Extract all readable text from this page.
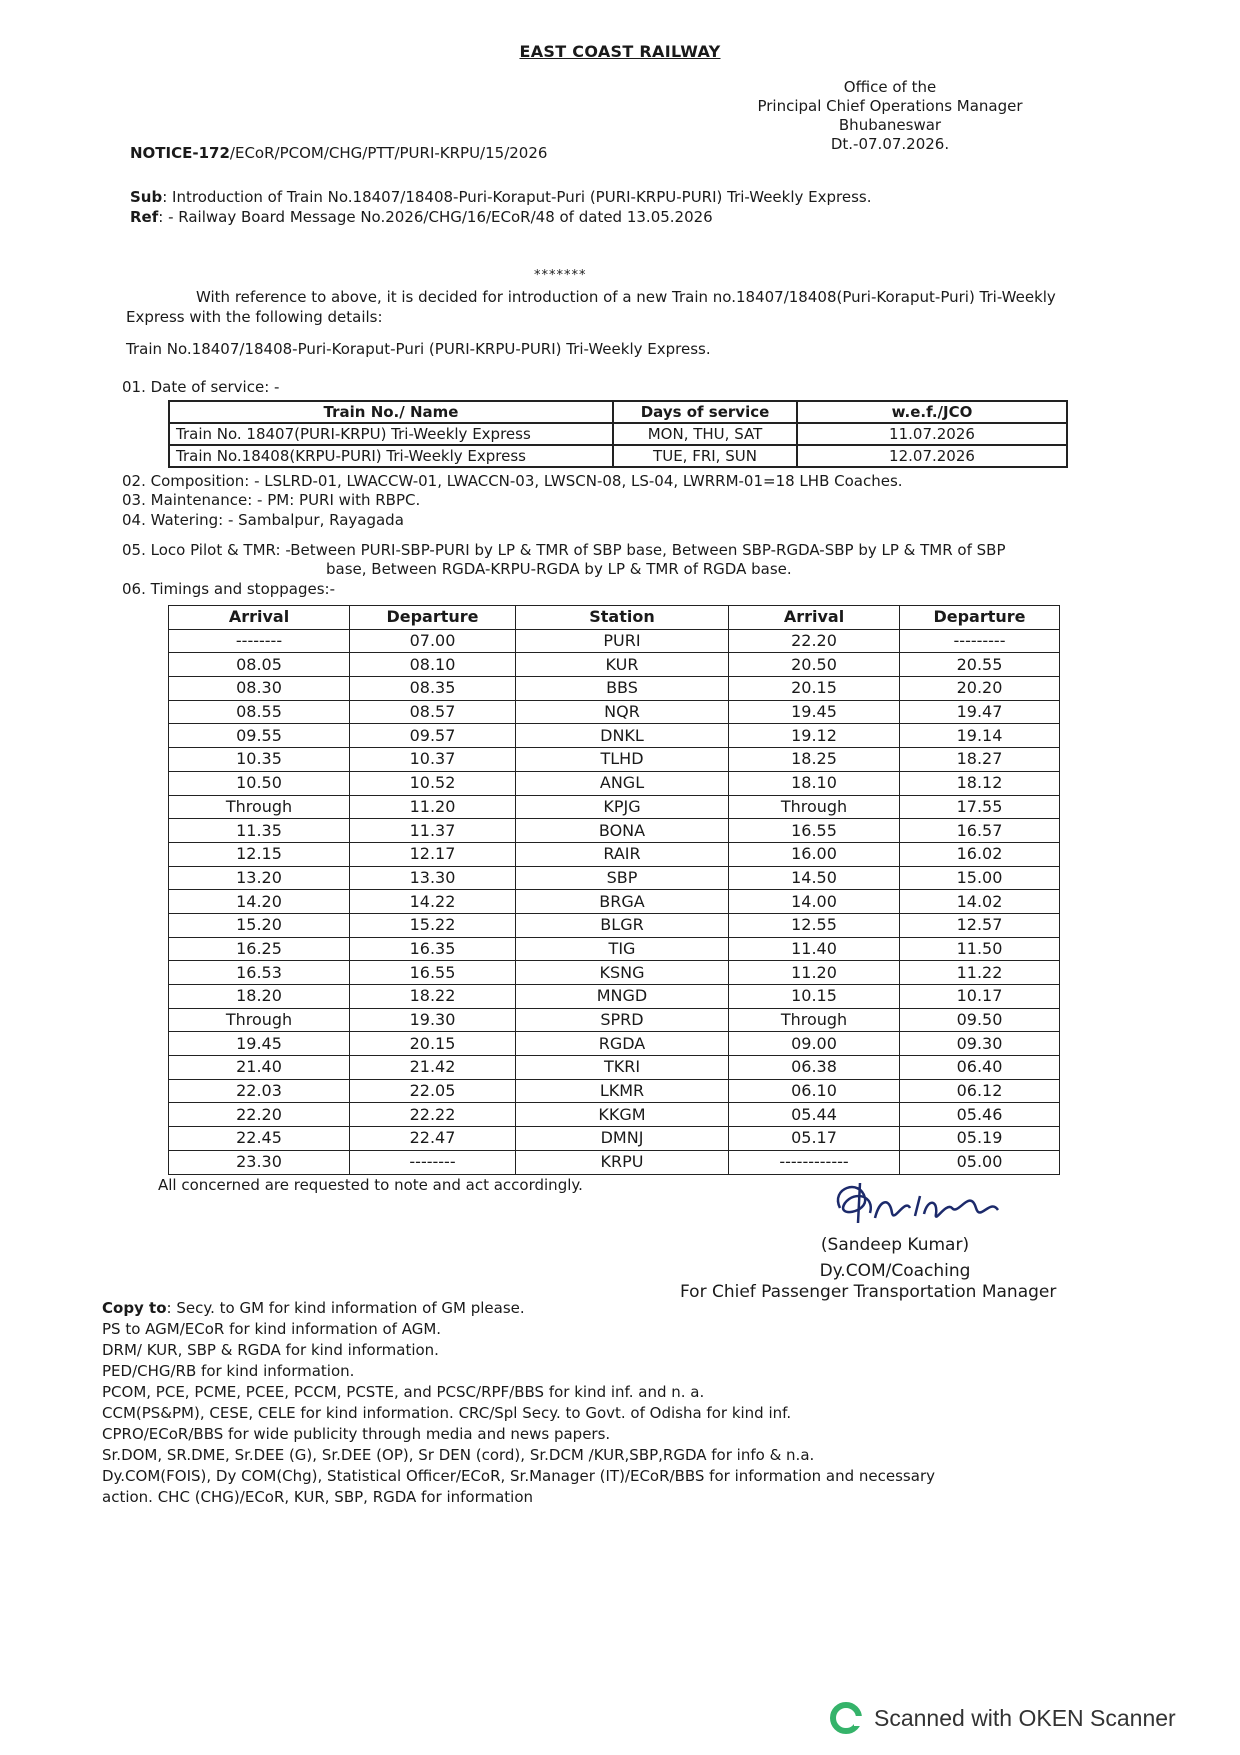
EAST COAST RAILWAY
Office of the
Principal Chief Operations Manager
Bhubaneswar
Dt.-07.07.2026.
NOTICE-172/ECoR/PCOM/CHG/PTT/PURI-KRPU/15/2026
Sub: Introduction of Train No.18407/18408-Puri-Koraput-Puri (PURI-KRPU-PURI) Tri-Weekly Express.
Ref: - Railway Board Message No.2026/CHG/16/ECoR/48 of dated 13.05.2026
*******
With reference to above, it is decided for introduction of a new Train no.18407/18408(Puri-Koraput-Puri) Tri-Weekly Express with the following details:
Train No.18407/18408-Puri-Koraput-Puri (PURI-KRPU-PURI) Tri-Weekly Express.
01. Date of service: -
Train No./ Name	Days of service	w.e.f./JCO
Train No. 18407(PURI-KRPU) Tri-Weekly Express	MON, THU, SAT	11.07.2026
Train No.18408(KRPU-PURI) Tri-Weekly Express	TUE, FRI, SUN	12.07.2026
02. Composition: - LSLRD-01, LWACCW-01, LWACCN-03, LWSCN-08, LS-04, LWRRM-01=18 LHB Coaches.
03. Maintenance: - PM: PURI with RBPC.
04. Watering: - Sambalpur, Rayagada
05. Loco Pilot & TMR: -Between PURI-SBP-PURI by LP & TMR of SBP base, Between SBP-RGDA-SBP by LP & TMR of SBP
base, Between RGDA-KRPU-RGDA by LP & TMR of RGDA base.
06. Timings and stoppages:-
Arrival	Departure	Station	Arrival	Departure
--------	07.00	PURI	22.20	---------
08.05	08.10	KUR	20.50	20.55
08.30	08.35	BBS	20.15	20.20
08.55	08.57	NQR	19.45	19.47
09.55	09.57	DNKL	19.12	19.14
10.35	10.37	TLHD	18.25	18.27
10.50	10.52	ANGL	18.10	18.12
Through	11.20	KPJG	Through	17.55
11.35	11.37	BONA	16.55	16.57
12.15	12.17	RAIR	16.00	16.02
13.20	13.30	SBP	14.50	15.00
14.20	14.22	BRGA	14.00	14.02
15.20	15.22	BLGR	12.55	12.57
16.25	16.35	TIG	11.40	11.50
16.53	16.55	KSNG	11.20	11.22
18.20	18.22	MNGD	10.15	10.17
Through	19.30	SPRD	Through	09.50
19.45	20.15	RGDA	09.00	09.30
21.40	21.42	TKRI	06.38	06.40
22.03	22.05	LKMR	06.10	06.12
22.20	22.22	KKGM	05.44	05.46
22.45	22.47	DMNJ	05.17	05.19
23.30	--------	KRPU	------------	05.00
All concerned are requested to note and act accordingly.
(Sandeep Kumar)
Dy.COM/Coaching
For Chief Passenger Transportation Manager
Copy to: Secy. to GM for kind information of GM please.
PS to AGM/ECoR for kind information of AGM.
DRM/ KUR, SBP & RGDA for kind information.
PED/CHG/RB for kind information.
PCOM, PCE, PCME, PCEE, PCCM, PCSTE, and PCSC/RPF/BBS for kind inf. and n. a.
CCM(PS&PM), CESE, CELE for kind information. CRC/Spl Secy. to Govt. of Odisha for kind inf.
CPRO/ECoR/BBS for wide publicity through media and news papers.
Sr.DOM, SR.DME, Sr.DEE (G), Sr.DEE (OP), Sr DEN (cord), Sr.DCM /KUR,SBP,RGDA for info & n.a.
Dy.COM(FOIS), Dy COM(Chg), Statistical Officer/ECoR, Sr.Manager (IT)/ECoR/BBS for information and necessary
action. CHC (CHG)/ECoR, KUR, SBP, RGDA for information
Scanned with OKEN Scanner
